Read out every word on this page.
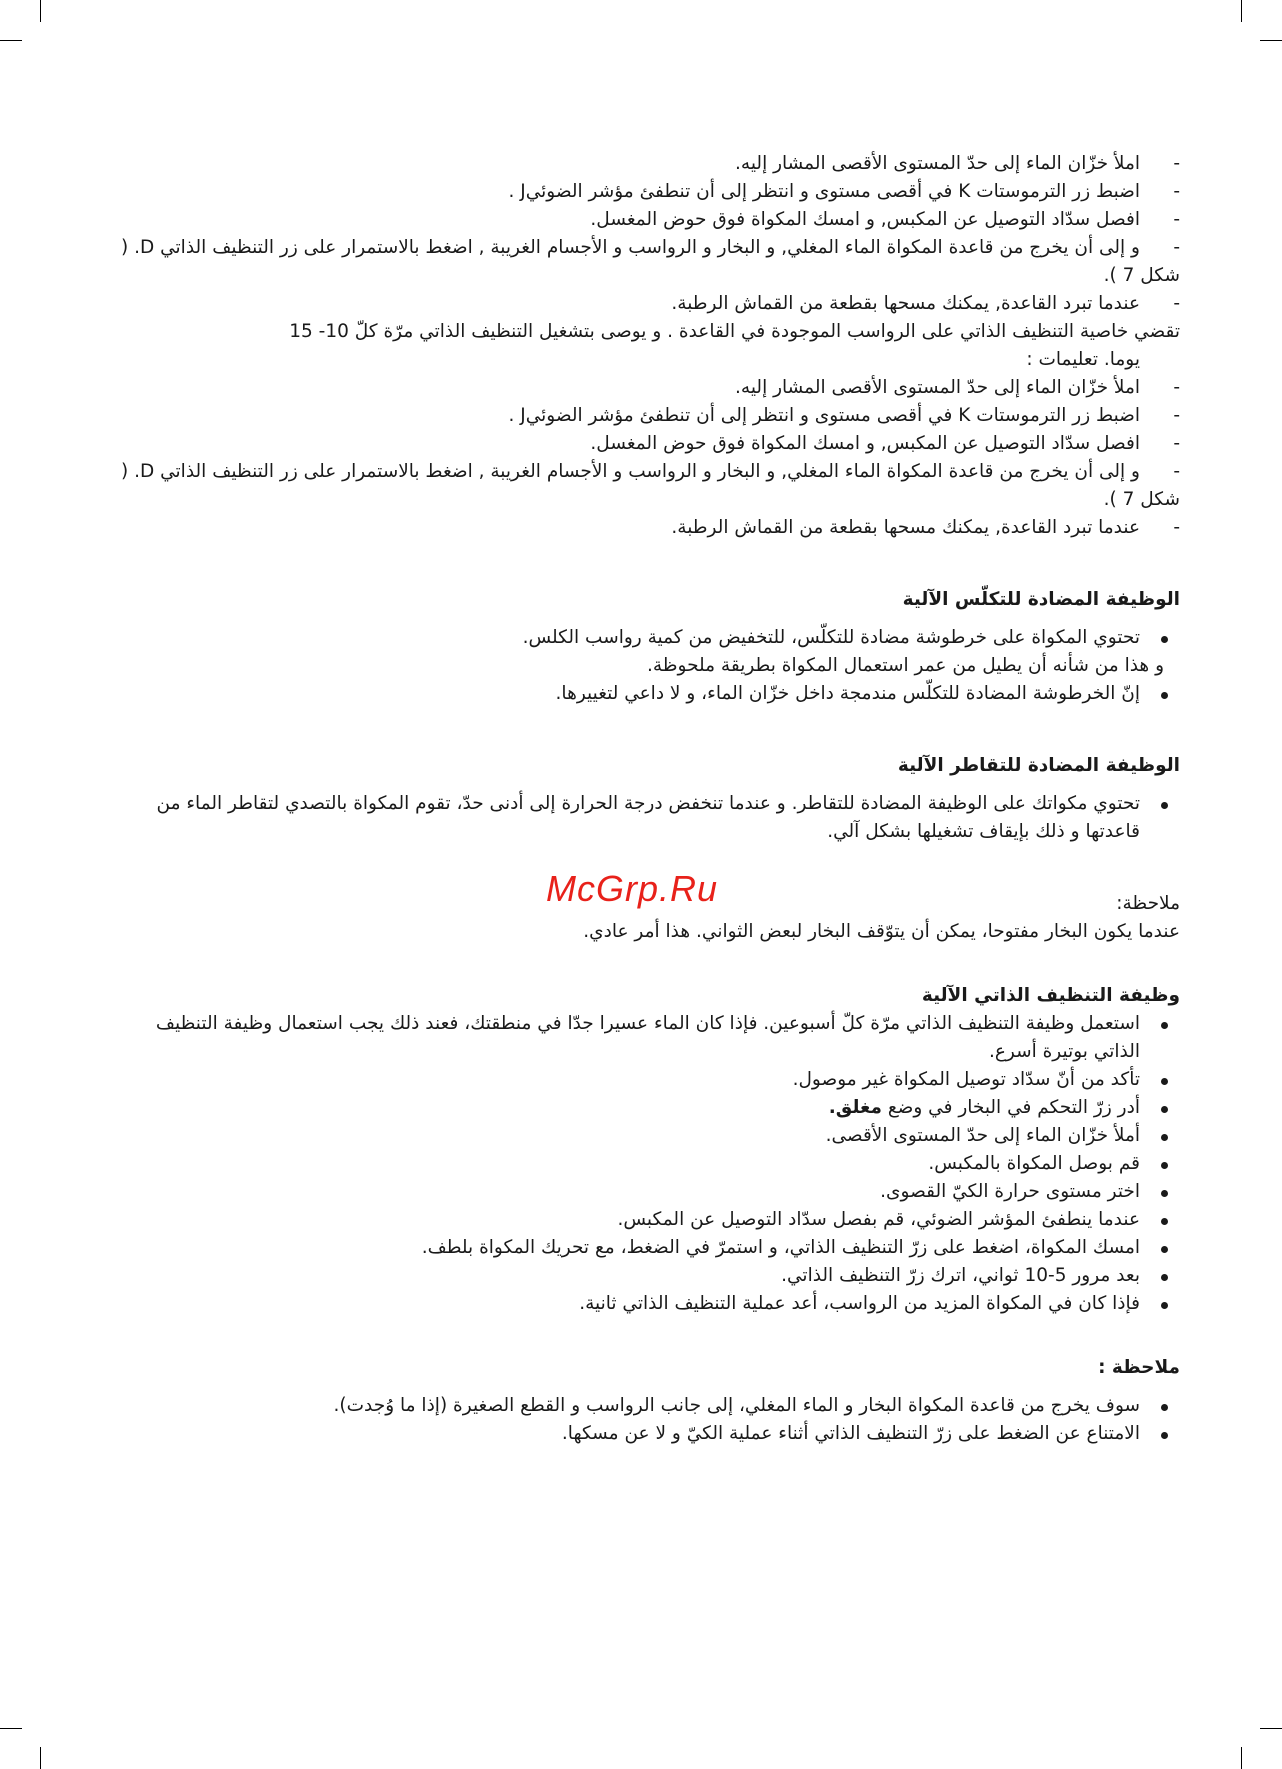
- املأ خزّان الماء إلى حدّ المستوى الأقصى المشار إليه.

- اضبط زر الترموستات K في أقصى مستوى و انتظر إلى أن تنطفئ مؤشر الضوئيJ .

- افصل سدّاد التوصيل عن المكبس, و امسك المكواة فوق حوض المغسل.

- و إلى أن يخرج من قاعدة المكواة الماء المغلي, و البخار و الرواسب و الأجسام الغريبة , اضغط بالاستمرار على زر التنظيف الذاتي D. ( شكل 7 ).

- عندما تبرد القاعدة, يمكنك مسحها بقطعة من القماش الرطبة.

تقضي خاصية التنظيف الذاتي على الرواسب الموجودة في القاعدة . و يوصى بتشغيل التنظيف الذاتي مرّة كلّ 10- 15

يوما. تعليمات :

- املأ خزّان الماء إلى حدّ المستوى الأقصى المشار إليه.

- اضبط زر الترموستات K في أقصى مستوى و انتظر إلى أن تنطفئ مؤشر الضوئيJ .

- افصل سدّاد التوصيل عن المكبس, و امسك المكواة فوق حوض المغسل.

- و إلى أن يخرج من قاعدة المكواة الماء المغلي, و البخار و الرواسب و الأجسام الغريبة , اضغط بالاستمرار على زر التنظيف الذاتي D. ( شكل 7 ).

- عندما تبرد القاعدة, يمكنك مسحها بقطعة من القماش الرطبة.

الوظيفة المضادة للتكلّس الآلية

تحتوي المكواة على خرطوشة مضادة للتكلّس، للتخفيض من كمية رواسب الكلس.

و هذا من شأنه أن يطيل من عمر استعمال المكواة بطريقة ملحوظة.

إنّ الخرطوشة المضادة للتكلّس مندمجة داخل خزّان الماء، و لا داعي لتغييرها.

الوظيفة المضادة للتقاطر الآلية

تحتوي مكواتك على الوظيفة المضادة للتقاطر. و عندما تنخفض درجة الحرارة إلى أدنى حدّ، تقوم المكواة بالتصدي لتقاطر الماء من قاعدتها و ذلك بإيقاف تشغيلها بشكل آلي.

ملاحظة:

عندما يكون البخار مفتوحا، يمكن أن يتوّقف البخار لبعض الثواني. هذا أمر عادي.

وظيفة التنظيف الذاتي الآلية

استعمل وظيفة التنظيف الذاتي مرّة كلّ أسبوعين. فإذا كان الماء عسيرا جدّا في منطقتك، فعند ذلك يجب استعمال وظيفة التنظيف الذاتي بوتيرة أسرع.

تأكد من أنّ سدّاد توصيل المكواة غير موصول.

أدر زرّ التحكم في البخار في وضع مغلق.

أملأ خزّان الماء إلى حدّ المستوى الأقصى.

قم بوصل المكواة بالمكبس.

اختر مستوى حرارة الكيّ القصوى.

عندما ينطفئ المؤشر الضوئي، قم بفصل سدّاد التوصيل عن المكبس.

امسك المكواة، اضغط على زرّ التنظيف الذاتي، و استمرّ في الضغط، مع تحريك المكواة بلطف.

بعد مرور 5-10 ثواني، اترك زرّ التنظيف الذاتي.

فإذا كان في المكواة المزيد من الرواسب، أعد عملية التنظيف الذاتي ثانية.

ملاحظة :

سوف يخرج من قاعدة المكواة البخار و الماء المغلي، إلى جانب الرواسب و القطع الصغيرة (إذا ما وُجدت).

الامتناع عن الضغط على زرّ التنظيف الذاتي أثناء عملية الكيّ و لا عن مسكها.

McGrp.Ru
